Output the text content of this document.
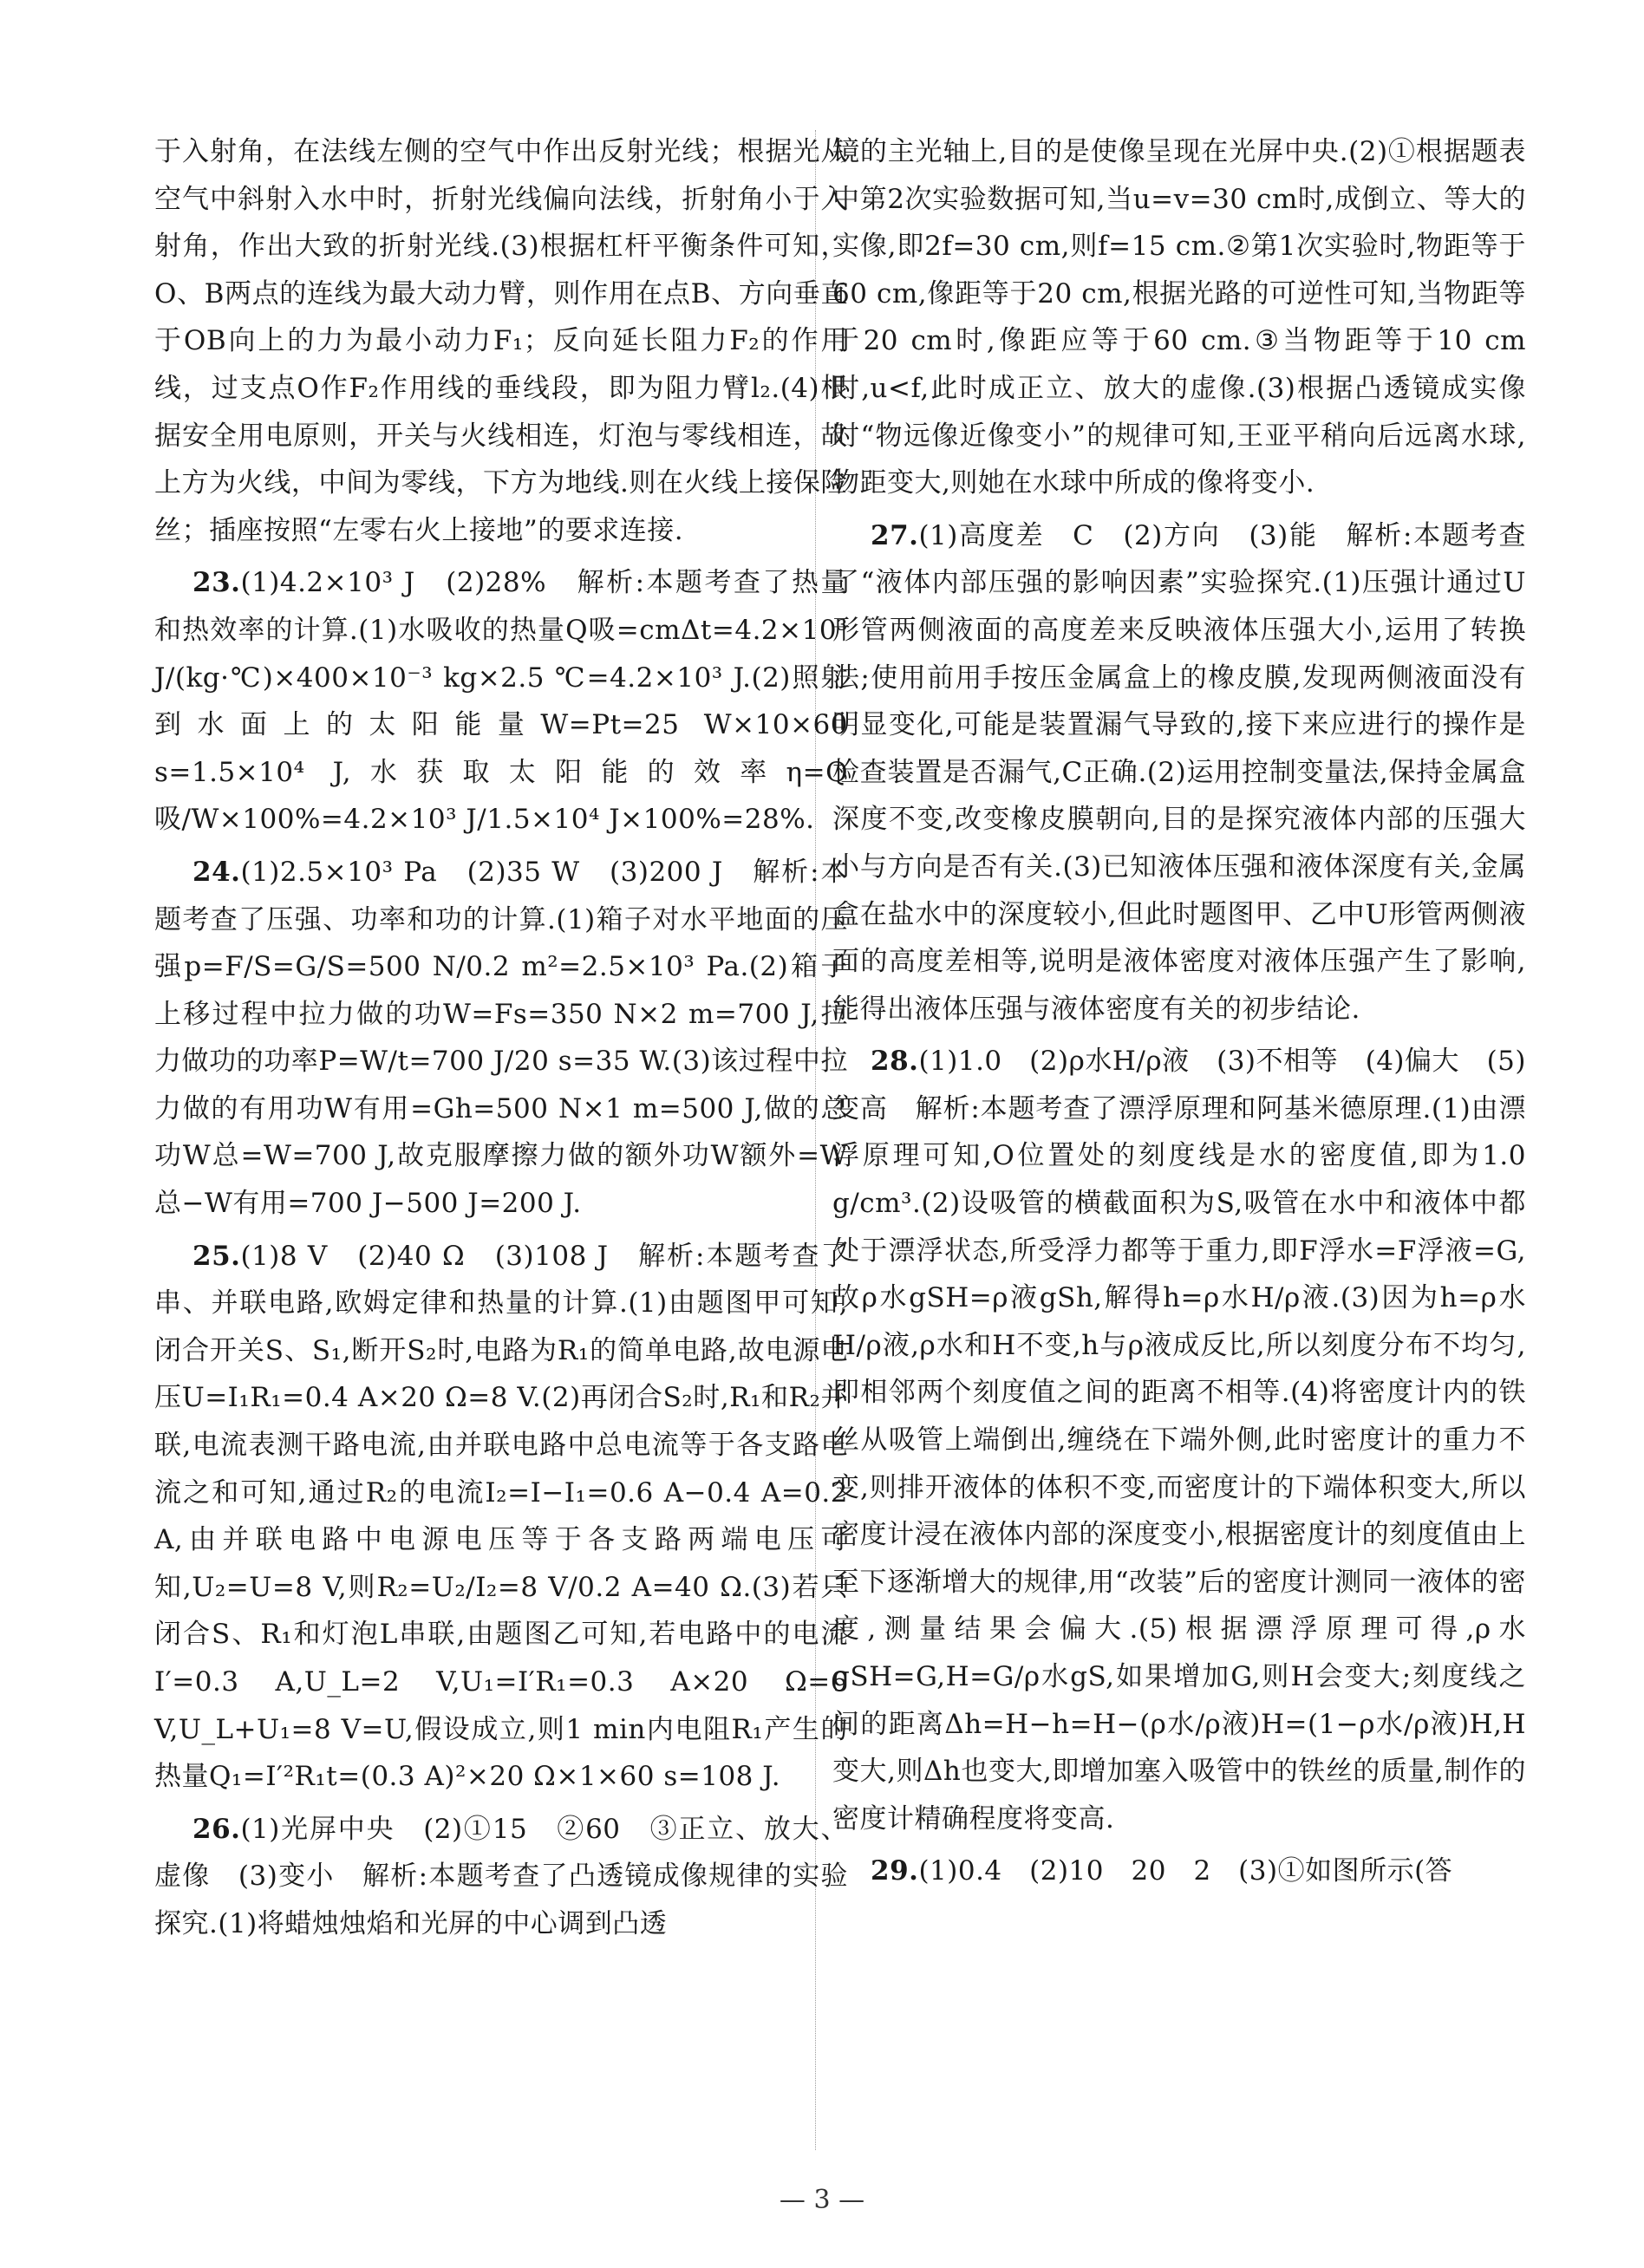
于入射角，在法线左侧的空气中作出反射光线；根据光从空气中斜射入水中时，折射光线偏向法线，折射角小于入射角，作出大致的折射光线.(3)根据杠杆平衡条件可知，O、B两点的连线为最大动力臂，则作用在点B、方向垂直于OB向上的力为最小动力F₁；反向延长阻力F₂的作用线，过支点O作F₂作用线的垂线段，即为阻力臂l₂.(4)根据安全用电原则，开关与火线相连，灯泡与零线相连，故上方为火线，中间为零线，下方为地线.则在火线上接保险丝；插座按照“左零右火上接地”的要求连接.

23.(1)4.2×10³ J　(2)28%　解析:本题考查了热量和热效率的计算.(1)水吸收的热量Q吸=cmΔt=4.2×10³ J/(kg·℃)×400×10⁻³ kg×2.5 ℃=4.2×10³ J.(2)照射到水面上的太阳能量W=Pt=25 W×10×60 s=1.5×10⁴ J,水获取太阳能的效率η=Q吸/W×100%=4.2×10³ J/1.5×10⁴ J×100%=28%.

24.(1)2.5×10³ Pa　(2)35 W　(3)200 J　解析:本题考查了压强、功率和功的计算.(1)箱子对水平地面的压强p=F/S=G/S=500 N/0.2 m²=2.5×10³ Pa.(2)箱子上移过程中拉力做的功W=Fs=350 N×2 m=700 J,拉力做功的功率P=W/t=700 J/20 s=35 W.(3)该过程中拉力做的有用功W有用=Gh=500 N×1 m=500 J,做的总功W总=W=700 J,故克服摩擦力做的额外功W额外=W总−W有用=700 J−500 J=200 J.

25.(1)8 V　(2)40 Ω　(3)108 J　解析:本题考查了串、并联电路,欧姆定律和热量的计算.(1)由题图甲可知,闭合开关S、S₁,断开S₂时,电路为R₁的简单电路,故电源电压U=I₁R₁=0.4 A×20 Ω=8 V.(2)再闭合S₂时,R₁和R₂并联,电流表测干路电流,由并联电路中总电流等于各支路电流之和可知,通过R₂的电流I₂=I−I₁=0.6 A−0.4 A=0.2 A,由并联电路中电源电压等于各支路两端电压可知,U₂=U=8 V,则R₂=U₂/I₂=8 V/0.2 A=40 Ω.(3)若只闭合S、R₁和灯泡L串联,由题图乙可知,若电路中的电流I′=0.3 A,U_L=2 V,U₁=I′R₁=0.3 A×20 Ω=6 V,U_L+U₁=8 V=U,假设成立,则1 min内电阻R₁产生的热量Q₁=I′²R₁t=(0.3 A)²×20 Ω×1×60 s=108 J.

26.(1)光屏中央　(2)①15　②60　③正立、放大、虚像　(3)变小　解析:本题考查了凸透镜成像规律的实验探究.(1)将蜡烛烛焰和光屏的中心调到凸透

镜的主光轴上,目的是使像呈现在光屏中央.(2)①根据题表中第2次实验数据可知,当u=v=30 cm时,成倒立、等大的实像,即2f=30 cm,则f=15 cm.②第1次实验时,物距等于60 cm,像距等于20 cm,根据光路的可逆性可知,当物距等于20 cm时,像距应等于60 cm.③当物距等于10 cm时,u<f,此时成正立、放大的虚像.(3)根据凸透镜成实像时“物远像近像变小”的规律可知,王亚平稍向后远离水球,物距变大,则她在水球中所成的像将变小.

27.(1)高度差　C　(2)方向　(3)能　解析:本题考查了“液体内部压强的影响因素”实验探究.(1)压强计通过U形管两侧液面的高度差来反映液体压强大小,运用了转换法;使用前用手按压金属盒上的橡皮膜,发现两侧液面没有明显变化,可能是装置漏气导致的,接下来应进行的操作是检查装置是否漏气,C正确.(2)运用控制变量法,保持金属盒深度不变,改变橡皮膜朝向,目的是探究液体内部的压强大小与方向是否有关.(3)已知液体压强和液体深度有关,金属盒在盐水中的深度较小,但此时题图甲、乙中U形管两侧液面的高度差相等,说明是液体密度对液体压强产生了影响,能得出液体压强与液体密度有关的初步结论.

28.(1)1.0　(2)ρ水H/ρ液　(3)不相等　(4)偏大　(5)变高　解析:本题考查了漂浮原理和阿基米德原理.(1)由漂浮原理可知,O位置处的刻度线是水的密度值,即为1.0 g/cm³.(2)设吸管的横截面积为S,吸管在水中和液体中都处于漂浮状态,所受浮力都等于重力,即F浮水=F浮液=G,故ρ水gSH=ρ液gSh,解得h=ρ水H/ρ液.(3)因为h=ρ水H/ρ液,ρ水和H不变,h与ρ液成反比,所以刻度分布不均匀,即相邻两个刻度值之间的距离不相等.(4)将密度计内的铁丝从吸管上端倒出,缠绕在下端外侧,此时密度计的重力不变,则排开液体的体积不变,而密度计的下端体积变大,所以密度计浸在液体内部的深度变小,根据密度计的刻度值由上至下逐渐增大的规律,用“改装”后的密度计测同一液体的密度,测量结果会偏大.(5)根据漂浮原理可得,ρ水gSH=G,H=G/ρ水gS,如果增加G,则H会变大;刻度线之间的距离Δh=H−h=H−(ρ水/ρ液)H=(1−ρ水/ρ液)H,H变大,则Δh也变大,即增加塞入吸管中的铁丝的质量,制作的密度计精确程度将变高.

29.(1)0.4　(2)10　20　2　(3)①如图所示(答

— 3 —
